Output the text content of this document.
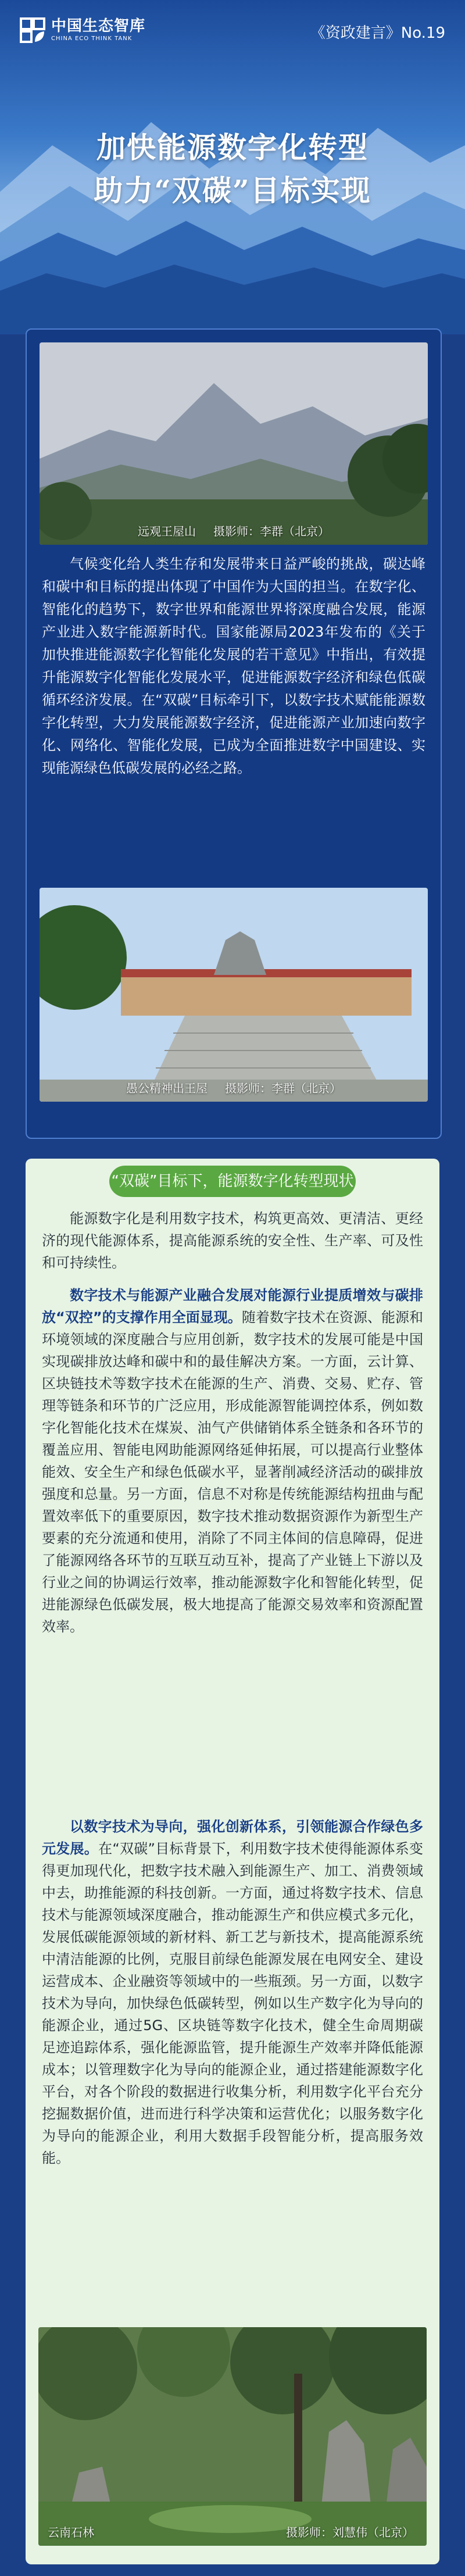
中国生态智库
CHINA ECO THINK TANK	《资政建言》No.19
加快能源数字化转型
助力“双碳”目标实现
远观王屋山 摄影师：李群（北京）

气候变化给人类生存和发展带来日益严峻的挑战，碳达峰和碳中和目标的提出体现了中国作为大国的担当。在数字化、智能化的趋势下，数字世界和能源世界将深度融合发展，能源产业进入数字能源新时代。国家能源局2023年发布的《关于加快推进能源数字化智能化发展的若干意见》中指出，有效提升能源数字化智能化发展水平，促进能源数字经济和绿色低碳循环经济发展。在“双碳”目标牵引下，以数字技术赋能能源数字化转型，大力发展能源数字经济，促进能源产业加速向数字化、网络化、智能化发展，已成为全面推进数字中国建设、实现能源绿色低碳发展的必经之路。

愚公精神出王屋 摄影师：李群（北京）
“双碳”目标下，能源数字化转型现状

能源数字化是利用数字技术，构筑更高效、更清洁、更经济的现代能源体系，提高能源系统的安全性、生产率、可及性和可持续性。

数字技术与能源产业融合发展对能源行业提质增效与碳排放“双控”的支撑作用全面显现。随着数字技术在资源、能源和环境领域的深度融合与应用创新，数字技术的发展可能是中国实现碳排放达峰和碳中和的最佳解决方案。一方面，云计算、区块链技术等数字技术在能源的生产、消费、交易、贮存、管理等链条和环节的广泛应用，形成能源智能调控体系，例如数字化智能化技术在煤炭、油气产供储销体系全链条和各环节的覆盖应用、智能电网助能源网络延伸拓展，可以提高行业整体能效、安全生产和绿色低碳水平，显著削减经济活动的碳排放强度和总量。另一方面，信息不对称是传统能源结构扭曲与配置效率低下的重要原因，数字技术推动数据资源作为新型生产要素的充分流通和使用，消除了不同主体间的信息障碍，促进了能源网络各环节的互联互动互补，提高了产业链上下游以及行业之间的协调运行效率，推动能源数字化和智能化转型，促进能源绿色低碳发展，极大地提高了能源交易效率和资源配置效率。

以数字技术为导向，强化创新体系，引领能源合作绿色多元发展。在“双碳”目标背景下，利用数字技术使得能源体系变得更加现代化，把数字技术融入到能源生产、加工、消费领域中去，助推能源的科技创新。一方面，通过将数字技术、信息技术与能源领域深度融合，推动能源生产和供应模式多元化，发展低碳能源领域的新材料、新工艺与新技术，提高能源系统中清洁能源的比例，克服目前绿色能源发展在电网安全、建设运营成本、企业融资等领域中的一些瓶颈。另一方面，以数字技术为导向，加快绿色低碳转型，例如以生产数字化为导向的能源企业，通过5G、区块链等数字化技术，健全生命周期碳足迹追踪体系，强化能源监管，提升能源生产效率并降低能源成本；以管理数字化为导向的能源企业，通过搭建能源数字化平台，对各个阶段的数据进行收集分析，利用数字化平台充分挖掘数据价值，进而进行科学决策和运营优化；以服务数字化为导向的能源企业，利用大数据手段智能分析，提高服务效能。

云南石林	摄影师：刘慧伟（北京）
